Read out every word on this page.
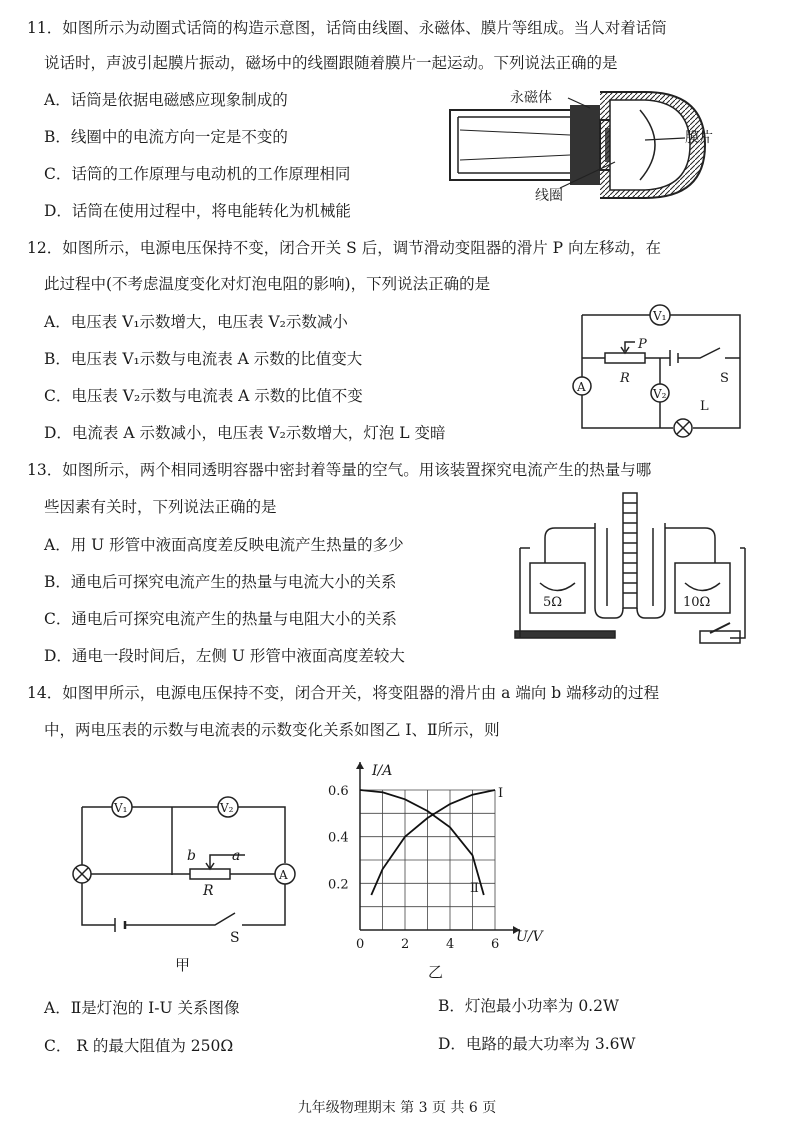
11．如图所示为动圈式话筒的构造示意图，话筒由线圈、永磁体、膜片等组成。当人对着话筒
说话时，声波引起膜片振动，磁场中的线圈跟随着膜片一起运动。下列说法正确的是
A．话筒是依据电磁感应现象制成的
B．线圈中的电流方向一定是不变的
C．话筒的工作原理与电动机的工作原理相同
D．话筒在使用过程中，将电能转化为机械能
永磁体
膜片
线圈
12．如图所示，电源电压保持不变，闭合开关 S 后，调节滑动变阻器的滑片 P 向左移动，在
此过程中(不考虑温度变化对灯泡电阻的影响)，下列说法正确的是
A．电压表 V₁示数增大，电压表 V₂示数减小
B．电压表 V₁示数与电流表 A 示数的比值变大
C．电压表 V₂示数与电流表 A 示数的比值不变
D．电流表 A 示数减小，电压表 V₂示数增大，灯泡 L 变暗
V₁
A	V₂
P
R	S
L
13．如图所示，两个相同透明容器中密封着等量的空气。用该装置探究电流产生的热量与哪
些因素有关时，下列说法正确的是
A．用 U 形管中液面高度差反映电流产生热量的多少
B．通电后可探究电流产生的热量与电流大小的关系
C．通电后可探究电流产生的热量与电阻大小的关系
D．通电一段时间后，左侧 U 形管中液面高度差较大
5Ω	10Ω
14．如图甲所示，电源电压保持不变，闭合开关，将变阻器的滑片由 a 端向 b 端移动的过程
中，两电压表的示数与电流表的示数变化关系如图乙 Ⅰ、Ⅱ所示，则
V₁	V₂
A
b	a
R
S
甲
0	2	4	6
0.2
0.4
0.6
I/A
U/V
Ⅰ
Ⅱ
乙
A．Ⅱ是灯泡的 I-U 关系图像	B．灯泡最小功率为 0.2W
C． R 的最大阻值为 250Ω	D．电路的最大功率为 3.6W
九年级物理期末 第 3 页 共 6 页
